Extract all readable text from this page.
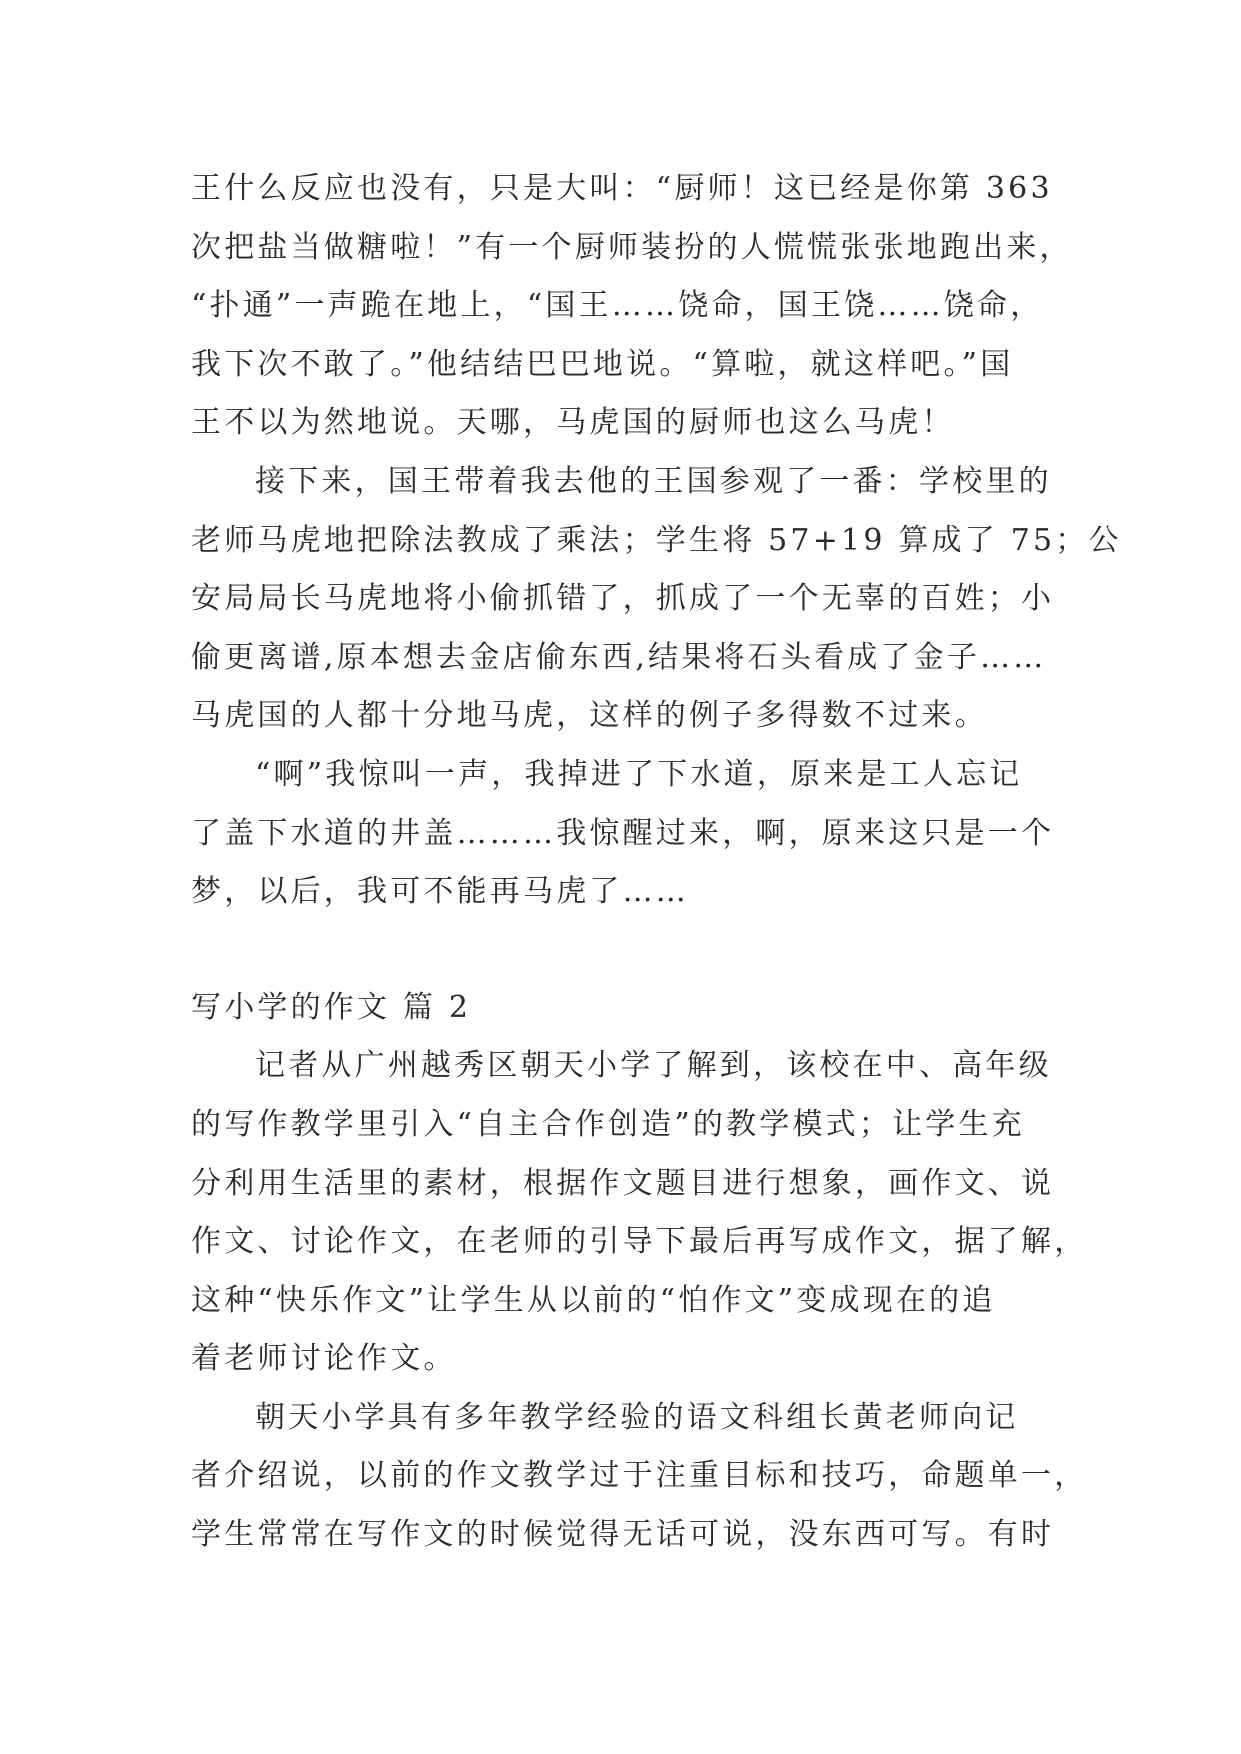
王什么反应也没有，只是大叫：“厨师！这已经是你第 363
次把盐当做糖啦！”有一个厨师装扮的人慌慌张张地跑出来，
“扑通”一声跪在地上，“国王……饶命，国王饶……饶命，
我下次不敢了。”他结结巴巴地说。“算啦，就这样吧。”国
王不以为然地说。天哪，马虎国的厨师也这么马虎！
接下来，国王带着我去他的王国参观了一番：学校里的
老师马虎地把除法教成了乘法；学生将 57+19 算成了 75；公
安局局长马虎地将小偷抓错了，抓成了一个无辜的百姓；小
偷更离谱,原本想去金店偷东西,结果将石头看成了金子……
马虎国的人都十分地马虎，这样的例子多得数不过来。
“啊”我惊叫一声，我掉进了下水道，原来是工人忘记
了盖下水道的井盖………我惊醒过来，啊，原来这只是一个
梦，以后，我可不能再马虎了……
写小学的作文 篇 2
记者从广州越秀区朝天小学了解到，该校在中、高年级
的写作教学里引入“自主合作创造”的教学模式；让学生充
分利用生活里的素材，根据作文题目进行想象，画作文、说
作文、讨论作文，在老师的引导下最后再写成作文，据了解，
这种“快乐作文”让学生从以前的“怕作文”变成现在的追
着老师讨论作文。
朝天小学具有多年教学经验的语文科组长黄老师向记
者介绍说，以前的作文教学过于注重目标和技巧，命题单一，
学生常常在写作文的时候觉得无话可说，没东西可写。有时
